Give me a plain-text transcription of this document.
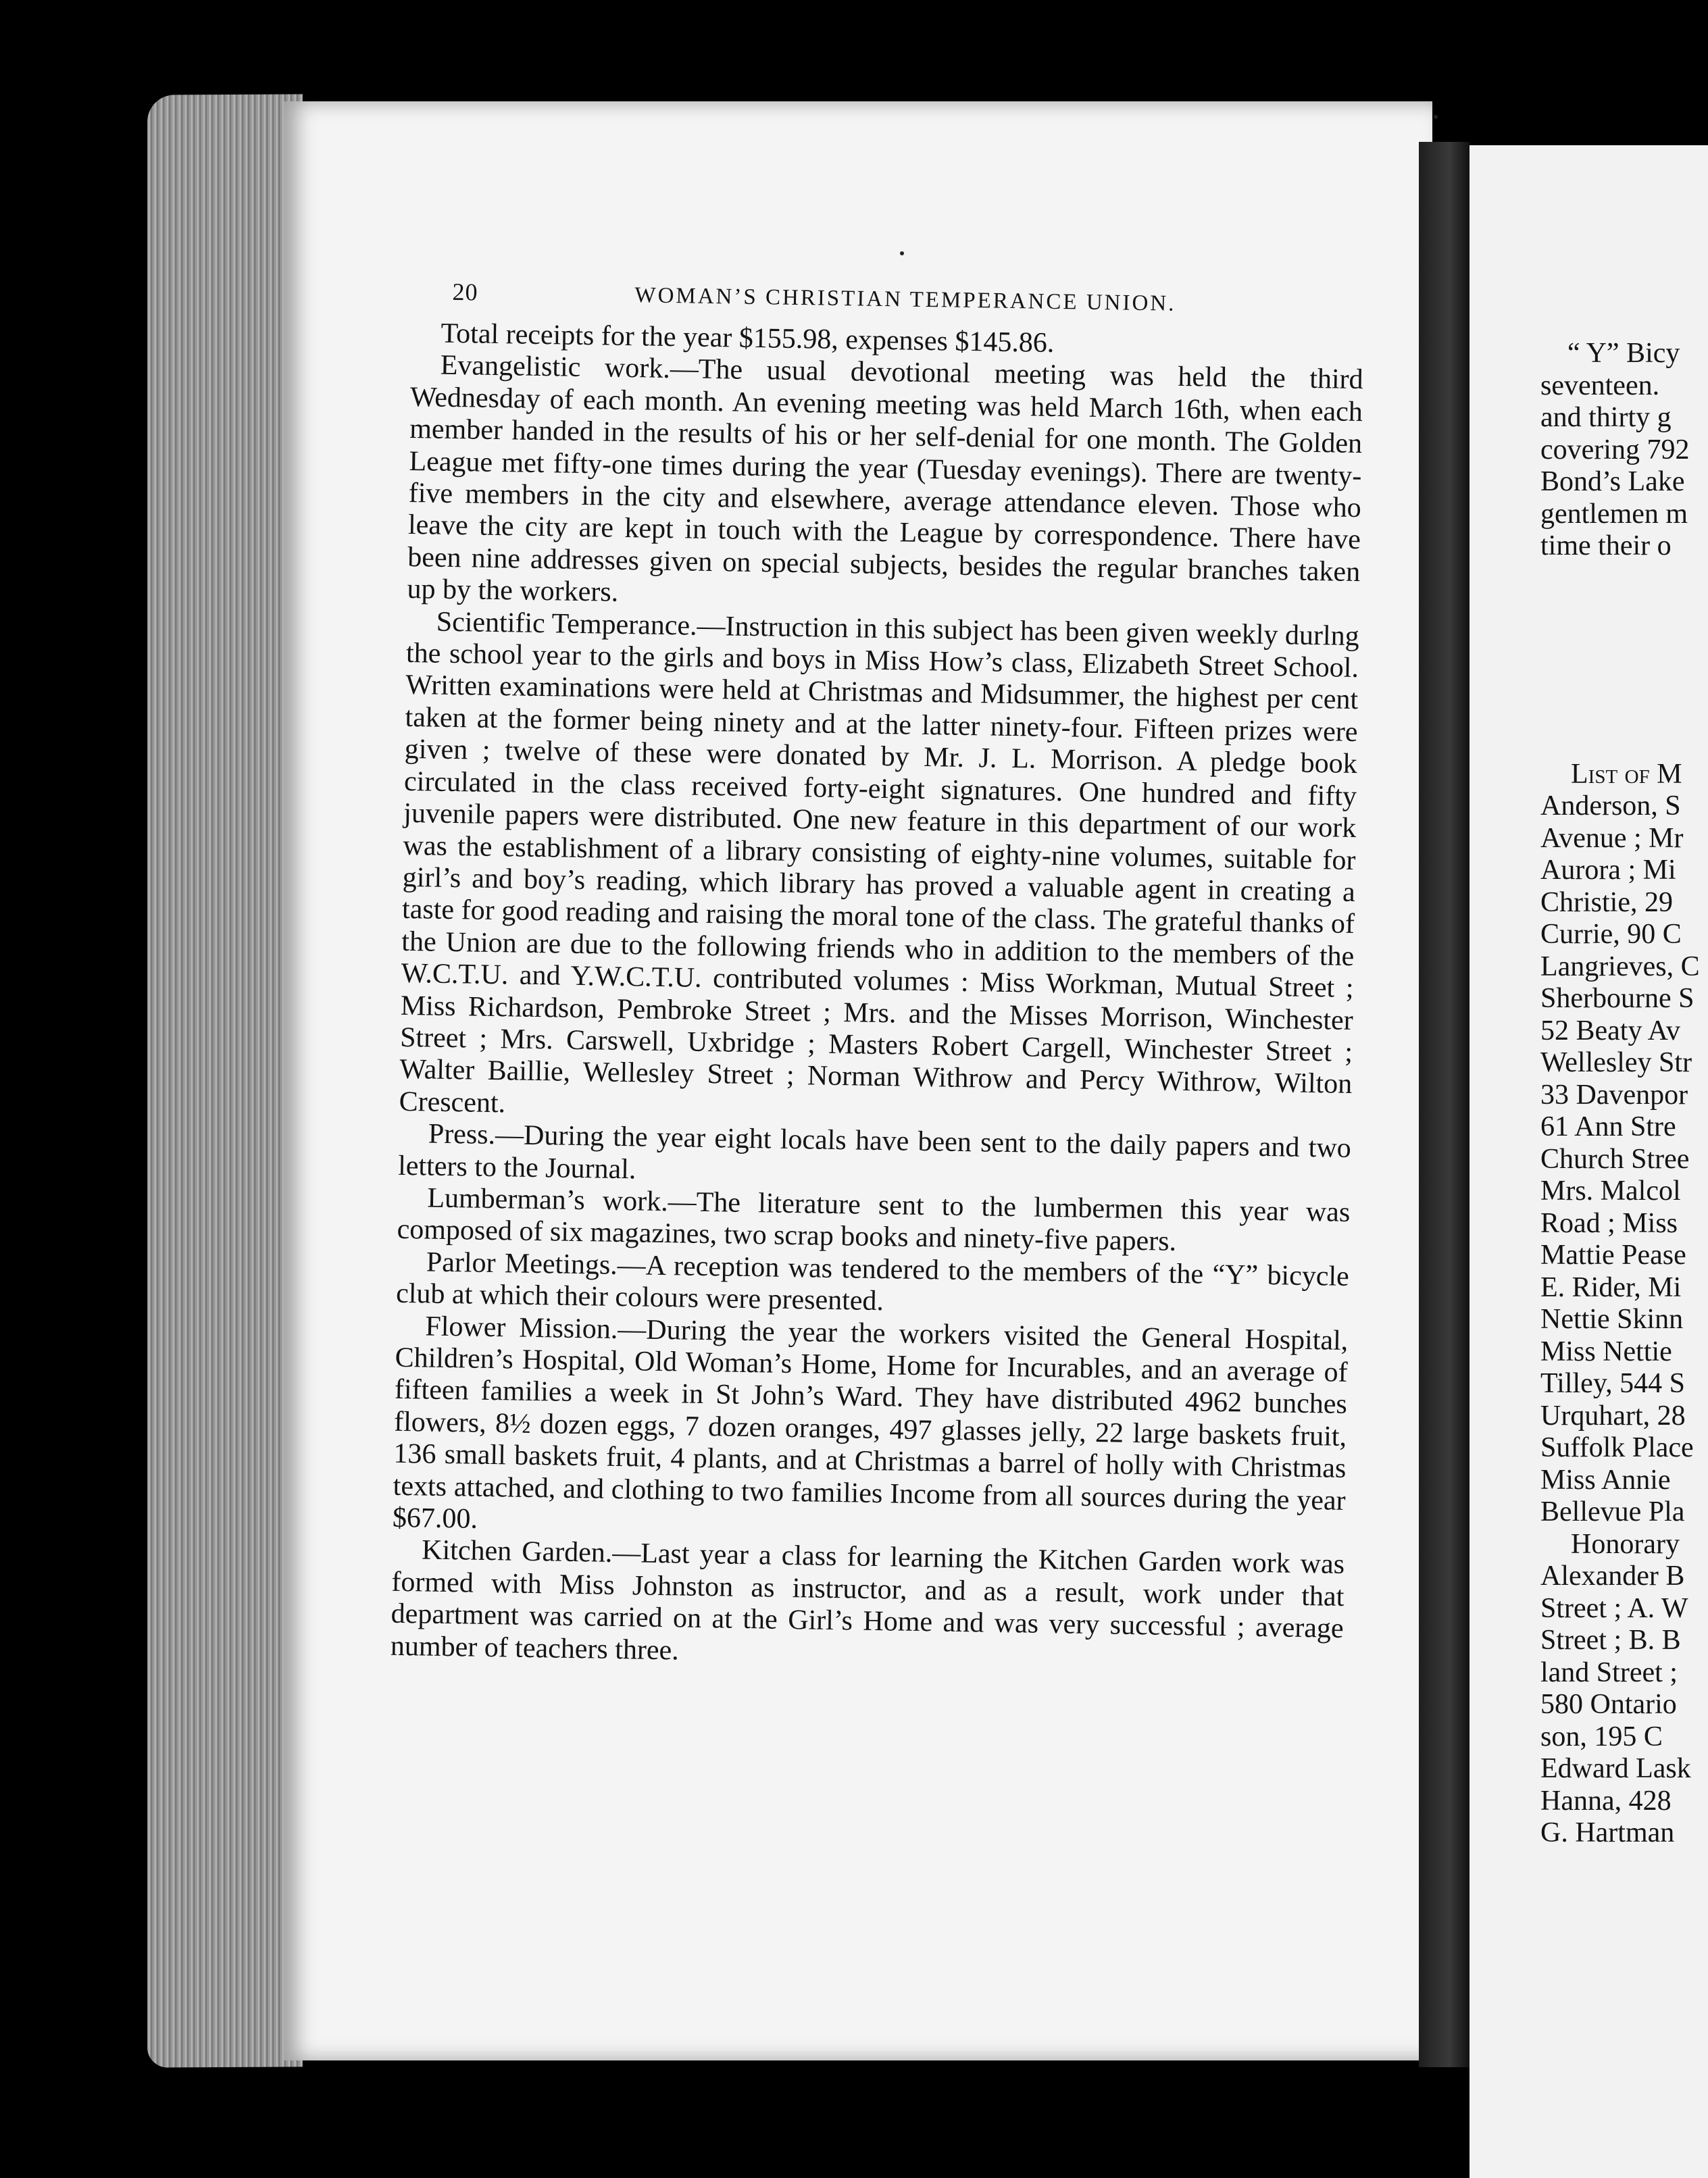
20	WOMAN’S CHRISTIAN TEMPERANCE UNION.

Total receipts for the year $155.98, expenses $145.86.

Evangelistic work.—The usual devotional meeting was held the third Wednesday of each month. An evening meeting was held March 16th, when each member handed in the results of his or her self-denial for one month. The Golden League met fifty-one times during the year (Tuesday evenings). There are twenty-five members in the city and elsewhere, average attendance eleven. Those who leave the city are kept in touch with the League by correspondence. There have been nine addresses given on special subjects, besides the regular branches taken up by the workers.

Scientific Temperance.—Instruction in this subject has been given weekly durlng the school year to the girls and boys in Miss How’s class, Elizabeth Street School. Written examinations were held at Christmas and Midsummer, the highest per cent taken at the former being ninety and at the latter ninety-four. Fifteen prizes were given ; twelve of these were donated by Mr. J. L. Morrison. A pledge book circulated in the class received forty-eight signatures. One hundred and fifty juvenile papers were distributed. One new feature in this department of our work was the establishment of a library consisting of eighty-nine volumes, suitable for girl’s and boy’s reading, which library has proved a valuable agent in creating a taste for good reading and raising the moral tone of the class. The grateful thanks of the Union are due to the following friends who in addition to the members of the W.C.T.U. and Y.W.C.T.U. contributed volumes : Miss Workman, Mutual Street ; Miss Richardson, Pembroke Street ; Mrs. and the Misses Morrison, Winchester Street ; Mrs. Carswell, Uxbridge ; Masters Robert Cargell, Winchester Street ; Walter Baillie, Wellesley Street ; Norman Withrow and Percy Withrow, Wilton Crescent.

Press.—During the year eight locals have been sent to the daily papers and two letters to the Journal.

Lumberman’s work.—The literature sent to the lumbermen this year was composed of six magazines, two scrap books and ninety-five papers.

Parlor Meetings.—A reception was tendered to the members of the “Y” bicycle club at which their colours were presented.

Flower Mission.—During the year the workers visited the General Hospital, Children’s Hospital, Old Woman’s Home, Home for Incurables, and an average of fifteen families a week in St John’s Ward. They have distributed 4962 bunches flowers, 8½ dozen eggs, 7 dozen oranges, 497 glasses jelly, 22 large baskets fruit, 136 small baskets fruit, 4 plants, and at Christmas a barrel of holly with Christmas texts attached, and clothing to two families Income from all sources during the year $67.00.

Kitchen Garden.—Last year a class for learning the Kitchen Garden work was formed with Miss Johnston as instructor, and as a result, work under that department was carried on at the Girl’s Home and was very successful ; average number of teachers three.

“ Y” Bicy
seventeen.
and thirty g
covering 792
Bond’s Lake
gentlemen m
time their o
List of M
Anderson, S
Avenue ; Mr
Aurora ; Mi
Christie, 29
Currie, 90 C
Langrieves, C
Sherbourne S
52 Beaty Av
Wellesley Str
33 Davenpor
61 Ann Stre
Church Stree
Mrs. Malcol
Road ; Miss
Mattie Pease
E. Rider, Mi
Nettie Skinn
Miss Nettie
Tilley, 544 S
Urquhart, 28
Suffolk Place
Miss Annie
Bellevue Pla
Honorary
Alexander B
Street ; A. W
Street ; B. B
land Street ;
580 Ontario
son, 195 C
Edward Lask
Hanna, 428
G. Hartman
